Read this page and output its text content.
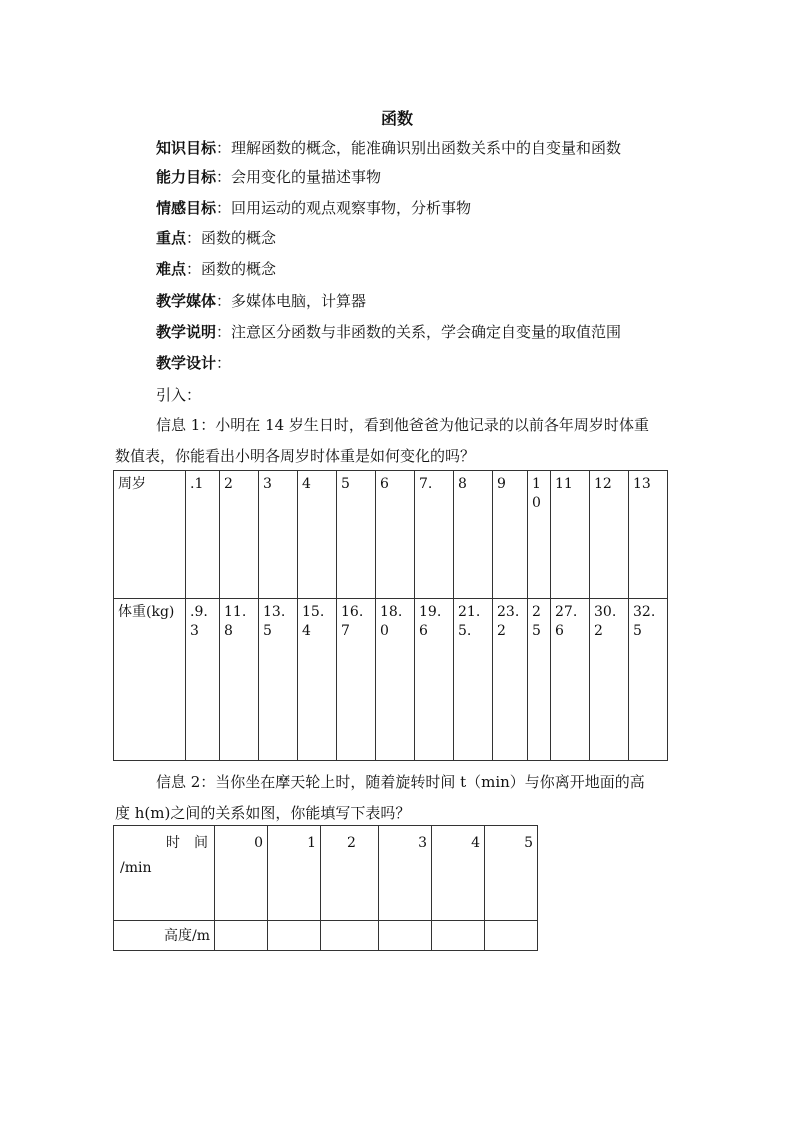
函数
知识目标：理解函数的概念，能准确识别出函数关系中的自变量和函数
能力目标：会用变化的量描述事物
情感目标：回用运动的观点观察事物，分析事物
重点：函数的概念
难点：函数的概念
教学媒体：多媒体电脑，计算器
教学说明：注意区分函数与非函数的关系，学会确定自变量的取值范围
教学设计：
引入：
信息 1：小明在 14 岁生日时，看到他爸爸为他记录的以前各年周岁时体重
数值表，你能看出小明各周岁时体重是如何变化的吗？
周岁	.1	2	3	4	5	6	7.	8	9	10	11	12	13
体重(kg)	.9.3	11.8	13.5	15.4	16.7	18.0	19.6	21.5.	23.2	25	27.6	30.2	32.5
信息 2：当你坐在摩天轮上时，随着旋转时间 t（min）与你离开地面的高
度 h(m)之间的关系如图，你能填写下表吗？
时　间
/min	0	1	2	3	4	5
高度/m						
